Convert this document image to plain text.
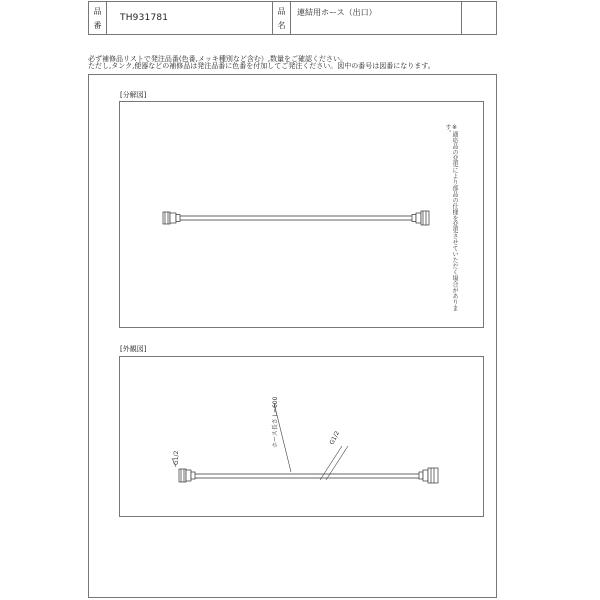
品
番
TH931781
品
名
連結用ホース（出口）
必ず補修品リストで発注品番(色番,メッキ種別など含む）,数量をご確認ください。
ただし,タンク,便器などの補修品は発注品番に色番を付加してご発注ください。図中の番号は図番になります。
[分解図]
※適応品の変更により部品の仕様を変更させていただく場合があります。
[外観図]
G1/2
ホース長さ L=600	G1/2
